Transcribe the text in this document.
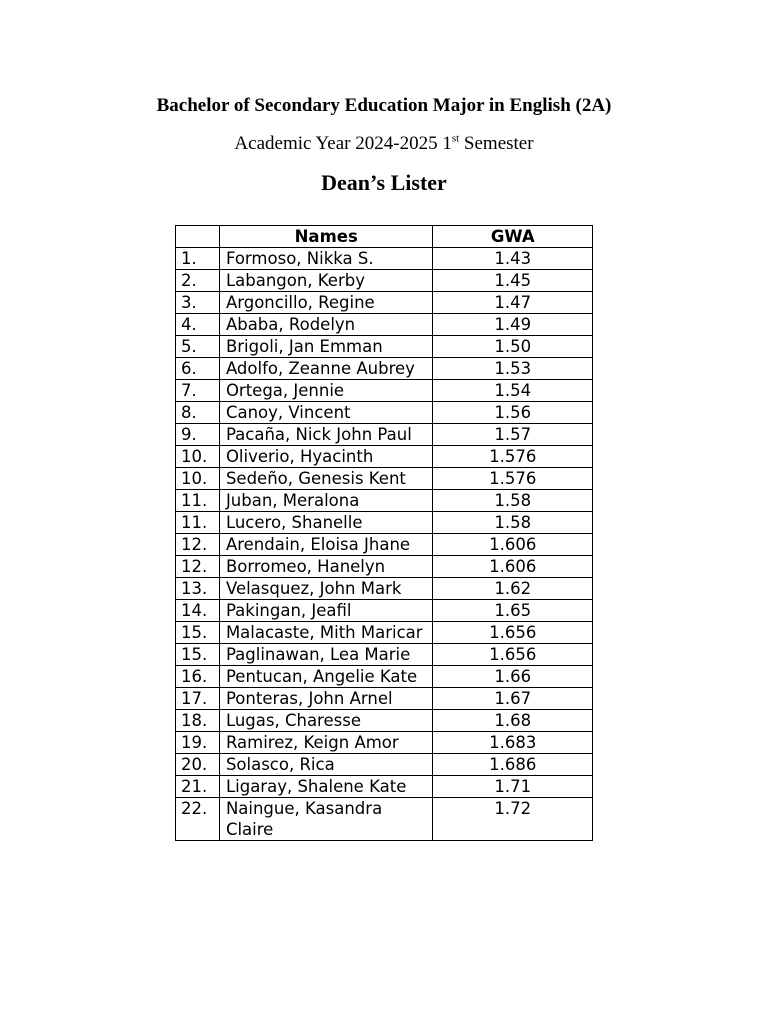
Bachelor of Secondary Education Major in English (2A)
Academic Year 2024-2025 1st Semester
Dean’s Lister
	Names	GWA
1.	Formoso, Nikka S.	1.43
2.	Labangon, Kerby	1.45
3.	Argoncillo, Regine	1.47
4.	Ababa, Rodelyn	1.49
5.	Brigoli, Jan Emman	1.50
6.	Adolfo, Zeanne Aubrey	1.53
7.	Ortega, Jennie	1.54
8.	Canoy, Vincent	1.56
9.	Pacaña, Nick John Paul	1.57
10.	Oliverio, Hyacinth	1.576
10.	Sedeño, Genesis Kent	1.576
11.	Juban, Meralona	1.58
11.	Lucero, Shanelle	1.58
12.	Arendain, Eloisa Jhane	1.606
12.	Borromeo, Hanelyn	1.606
13.	Velasquez, John Mark	1.62
14.	Pakingan, Jeafil	1.65
15.	Malacaste, Mith Maricar	1.656
15.	Paglinawan, Lea Marie	1.656
16.	Pentucan, Angelie Kate	1.66
17.	Ponteras, John Arnel	1.67
18.	Lugas, Charesse	1.68
19.	Ramirez, Keign Amor	1.683
20.	Solasco, Rica	1.686
21.	Ligaray, Shalene Kate	1.71
22.	Naingue, Kasandra Claire	1.72
